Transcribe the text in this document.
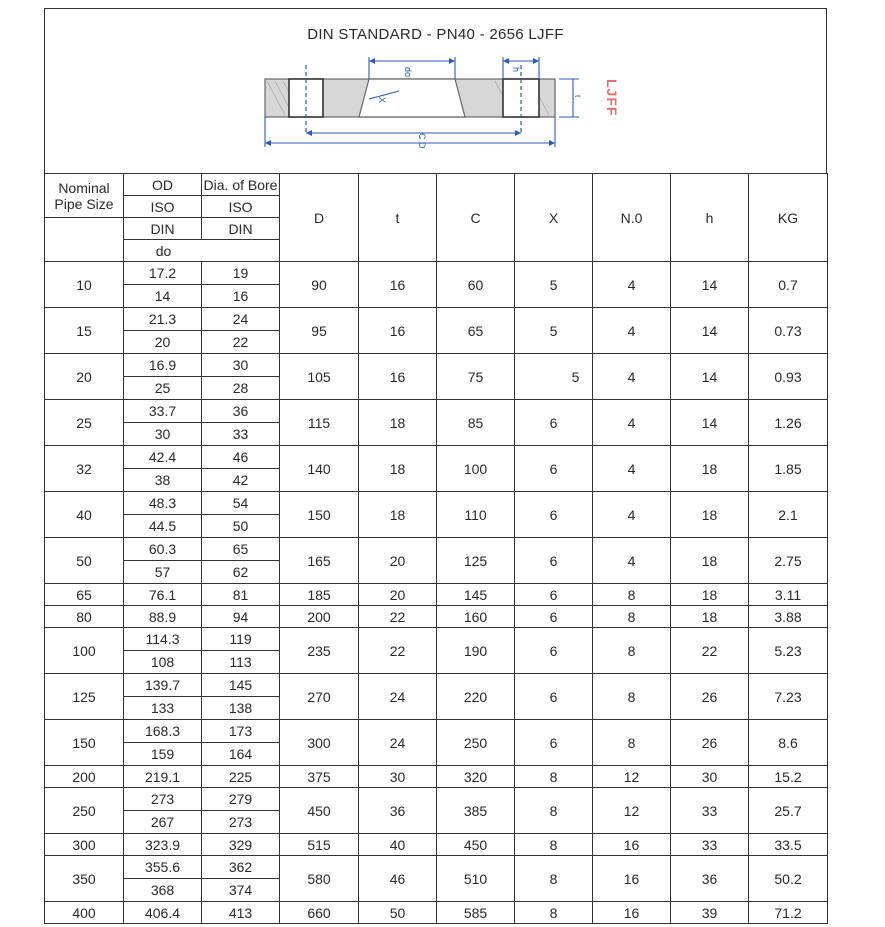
DIN STANDARD - PN40 - 2656 LJFF
do	h
X
C D
t LJFF
Nominal Pipe Size	OD	Dia. of Bore	D	t	C	X	N.0	h	KG

	ISO	ISO							
	DIN	DIN							
	do								
10	17.2	19	90	16	60	5	4	14	0.7
	14	16							
15	21.3	24	95	16	65	5	4	14	0.73
	20	22							
20	16.9	30	105	16	75	5	4	14	0.93
	25	28							
25	33.7	36	115	18	85	6	4	14	1.26
	30	33							
32	42.4	46	140	18	100	6	4	18	1.85
	38	42							
40	48.3	54	150	18	110	6	4	18	2.1
	44.5	50							
50	60.3	65	165	20	125	6	4	18	2.75
	57	62							
65	76.1	81	185	20	145	6	8	18	3.11
80	88.9	94	200	22	160	6	8	18	3.88
100	114.3	119	235	22	190	6	8	22	5.23
	108	113							
125	139.7	145	270	24	220	6	8	26	7.23
	133	138							
150	168.3	173	300	24	250	6	8	26	8.6
	159	164							
200	219.1	225	375	30	320	8	12	30	15.2
250	273	279	450	36	385	8	12	33	25.7
	267	273							
300	323.9	329	515	40	450	8	16	33	33.5
350	355.6	362	580	46	510	8	16	36	50.2
	368	374							
400	406.4	413	660	50	585	8	16	39	71.2
